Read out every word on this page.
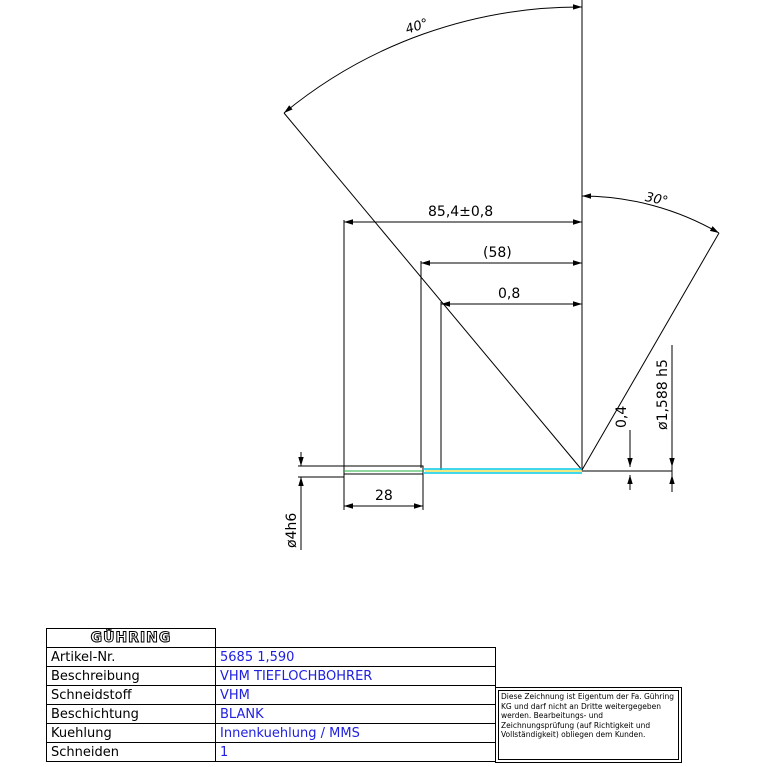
40°
30°
85,4±0,8
(58)
0,8
28
ø4h6
0,4 ø1,588 h5
GÜHRING	
Artikel-Nr.	5685 1,590
Beschreibung	VHM TIEFLOCHBOHRER
Schneidstoff	VHM
Beschichtung	BLANK
Kuehlung	Innenkuehlung / MMS
Schneiden	1
Diese Zeichnung ist Eigentum der Fa. Gühring KG und darf nicht an Dritte weitergegeben werden. Bearbeitungs- und Zeichnungsprüfung (auf Richtigkeit und Vollständigkeit) obliegen dem Kunden.
